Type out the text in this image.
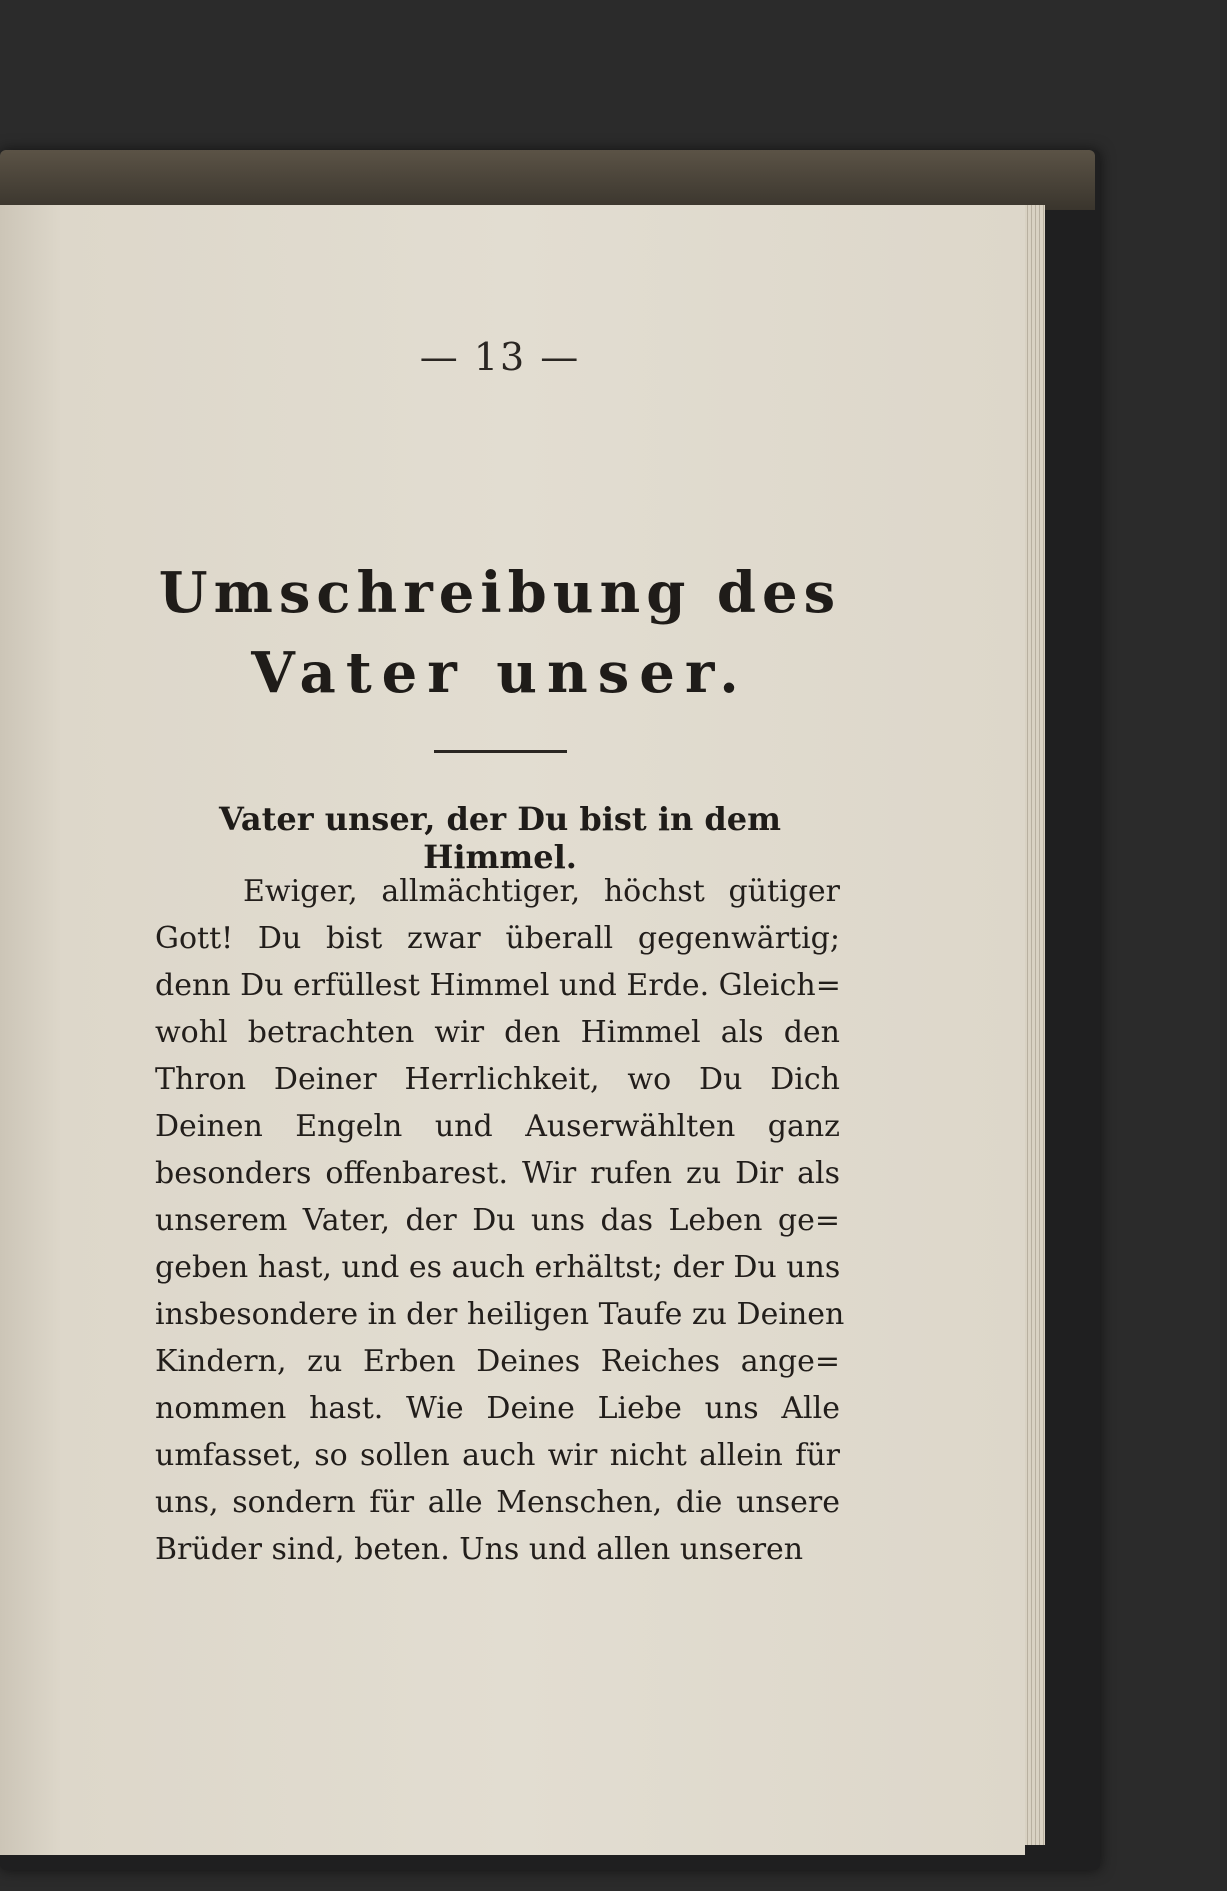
— 13 —
Umschreibung des
Vater unser.
Vater unser, der Du bist in dem Himmel.
Ewiger, allmächtiger, höchst gütiger
Gott! Du bist zwar überall gegenwärtig;
denn Du erfüllest Himmel und Erde. Gleich=
wohl betrachten wir den Himmel als den
Thron Deiner Herrlichkeit, wo Du Dich
Deinen Engeln und Auserwählten ganz
besonders offenbarest. Wir rufen zu Dir als
unserem Vater, der Du uns das Leben ge=
geben hast, und es auch erhältst; der Du uns
insbesondere in der heiligen Taufe zu Deinen
Kindern, zu Erben Deines Reiches ange=
nommen hast. Wie Deine Liebe uns Alle
umfasset, so sollen auch wir nicht allein für
uns, sondern für alle Menschen, die unsere
Brüder sind, beten. Uns und allen unseren
